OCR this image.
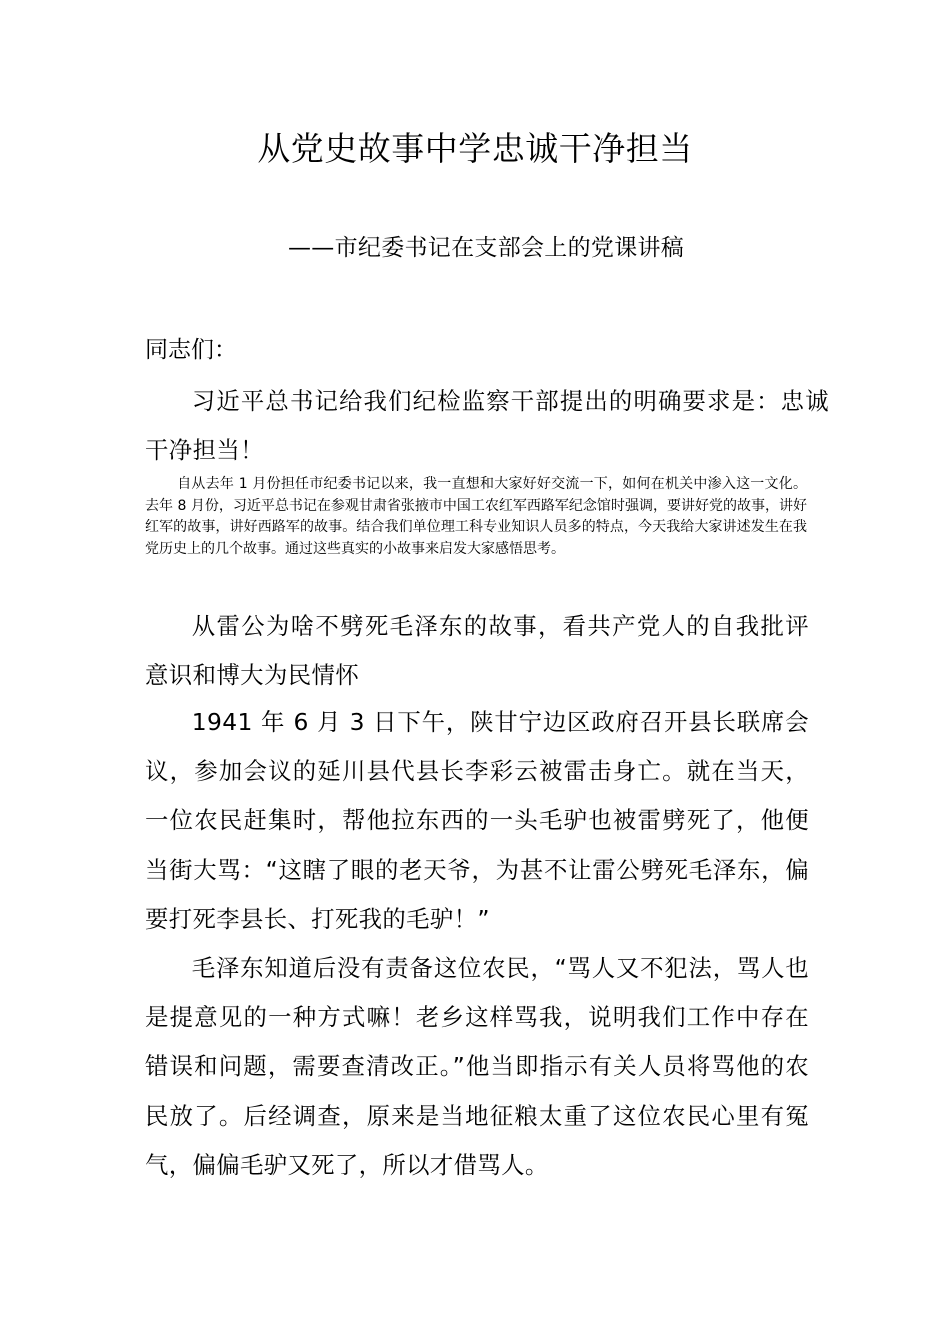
从党史故事中学忠诚干净担当

——市纪委书记在支部会上的党课讲稿

同志们：

习近平总书记给我们纪检监察干部提出的明确要求是：忠诚干净担当！

自从去年 1 月份担任市纪委书记以来，我一直想和大家好好交流一下，如何在机关中渗入这一文化。去年 8 月份，习近平总书记在参观甘肃省张掖市中国工农红军西路军纪念馆时强调，要讲好党的故事，讲好红军的故事，讲好西路军的故事。结合我们单位理工科专业知识人员多的特点，今天我给大家讲述发生在我党历史上的几个故事。通过这些真实的小故事来启发大家感悟思考。

从雷公为啥不劈死毛泽东的故事，看共产党人的自我批评意识和博大为民情怀

1941 年 6 月 3 日下午，陕甘宁边区政府召开县长联席会议，参加会议的延川县代县长李彩云被雷击身亡。就在当天，一位农民赶集时，帮他拉东西的一头毛驴也被雷劈死了，他便当街大骂：“这瞎了眼的老天爷，为甚不让雷公劈死毛泽东，偏要打死李县长、打死我的毛驴！”

毛泽东知道后没有责备这位农民，“骂人又不犯法，骂人也是提意见的一种方式嘛！老乡这样骂我，说明我们工作中存在错误和问题，需要查清改正。”他当即指示有关人员将骂他的农民放了。后经调查，原来是当地征粮太重了这位农民心里有冤气，偏偏毛驴又死了，所以才借骂人。
